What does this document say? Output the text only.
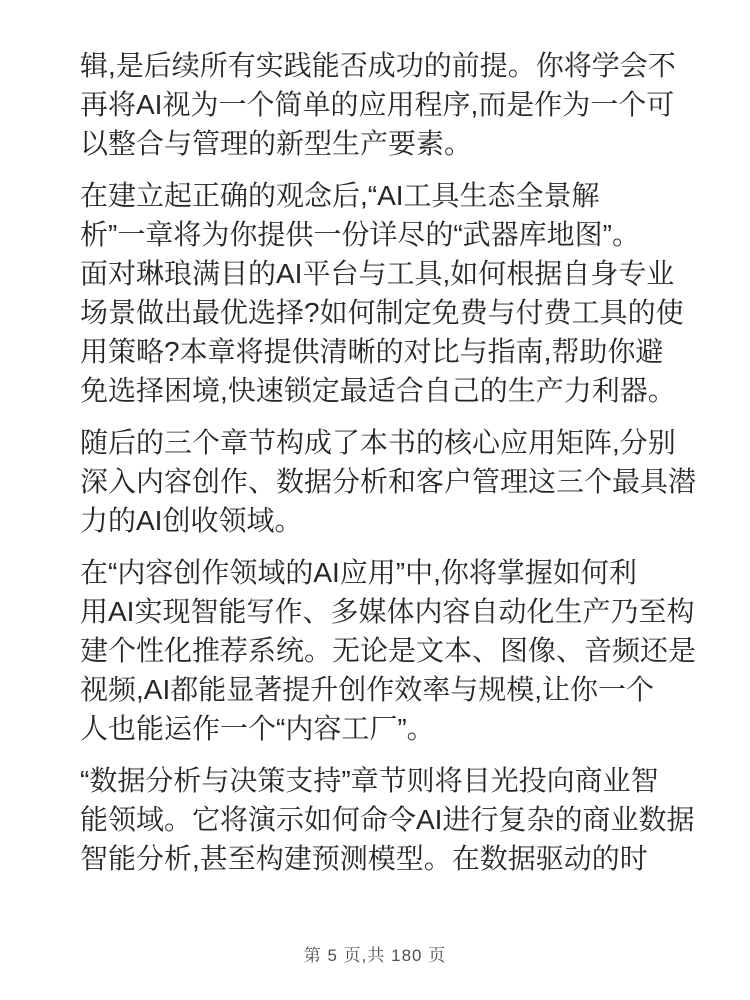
辑,是后续所有实践能否成功的前提。你将学会不
再将AI视为一个简单的应用程序,而是作为一个可
以整合与管理的新型生产要素。

在建立起正确的观念后,“AI工具生态全景解
析”一章将为你提供一份详尽的“武器库地图”。
面对琳琅满目的AI平台与工具,如何根据自身专业
场景做出最优选择?如何制定免费与付费工具的使
用策略?本章将提供清晰的对比与指南,帮助你避
免选择困境,快速锁定最适合自己的生产力利器。

随后的三个章节构成了本书的核心应用矩阵,分别
深入内容创作、数据分析和客户管理这三个最具潜
力的AI创收领域。

在“内容创作领域的AI应用”中,你将掌握如何利
用AI实现智能写作、多媒体内容自动化生产乃至构
建个性化推荐系统。无论是文本、图像、音频还是
视频,AI都能显著提升创作效率与规模,让你一个
人也能运作一个“内容工厂”。

“数据分析与决策支持”章节则将目光投向商业智
能领域。它将演示如何命令AI进行复杂的商业数据
智能分析,甚至构建预测模型。在数据驱动的时

第 5 页,共 180 页
